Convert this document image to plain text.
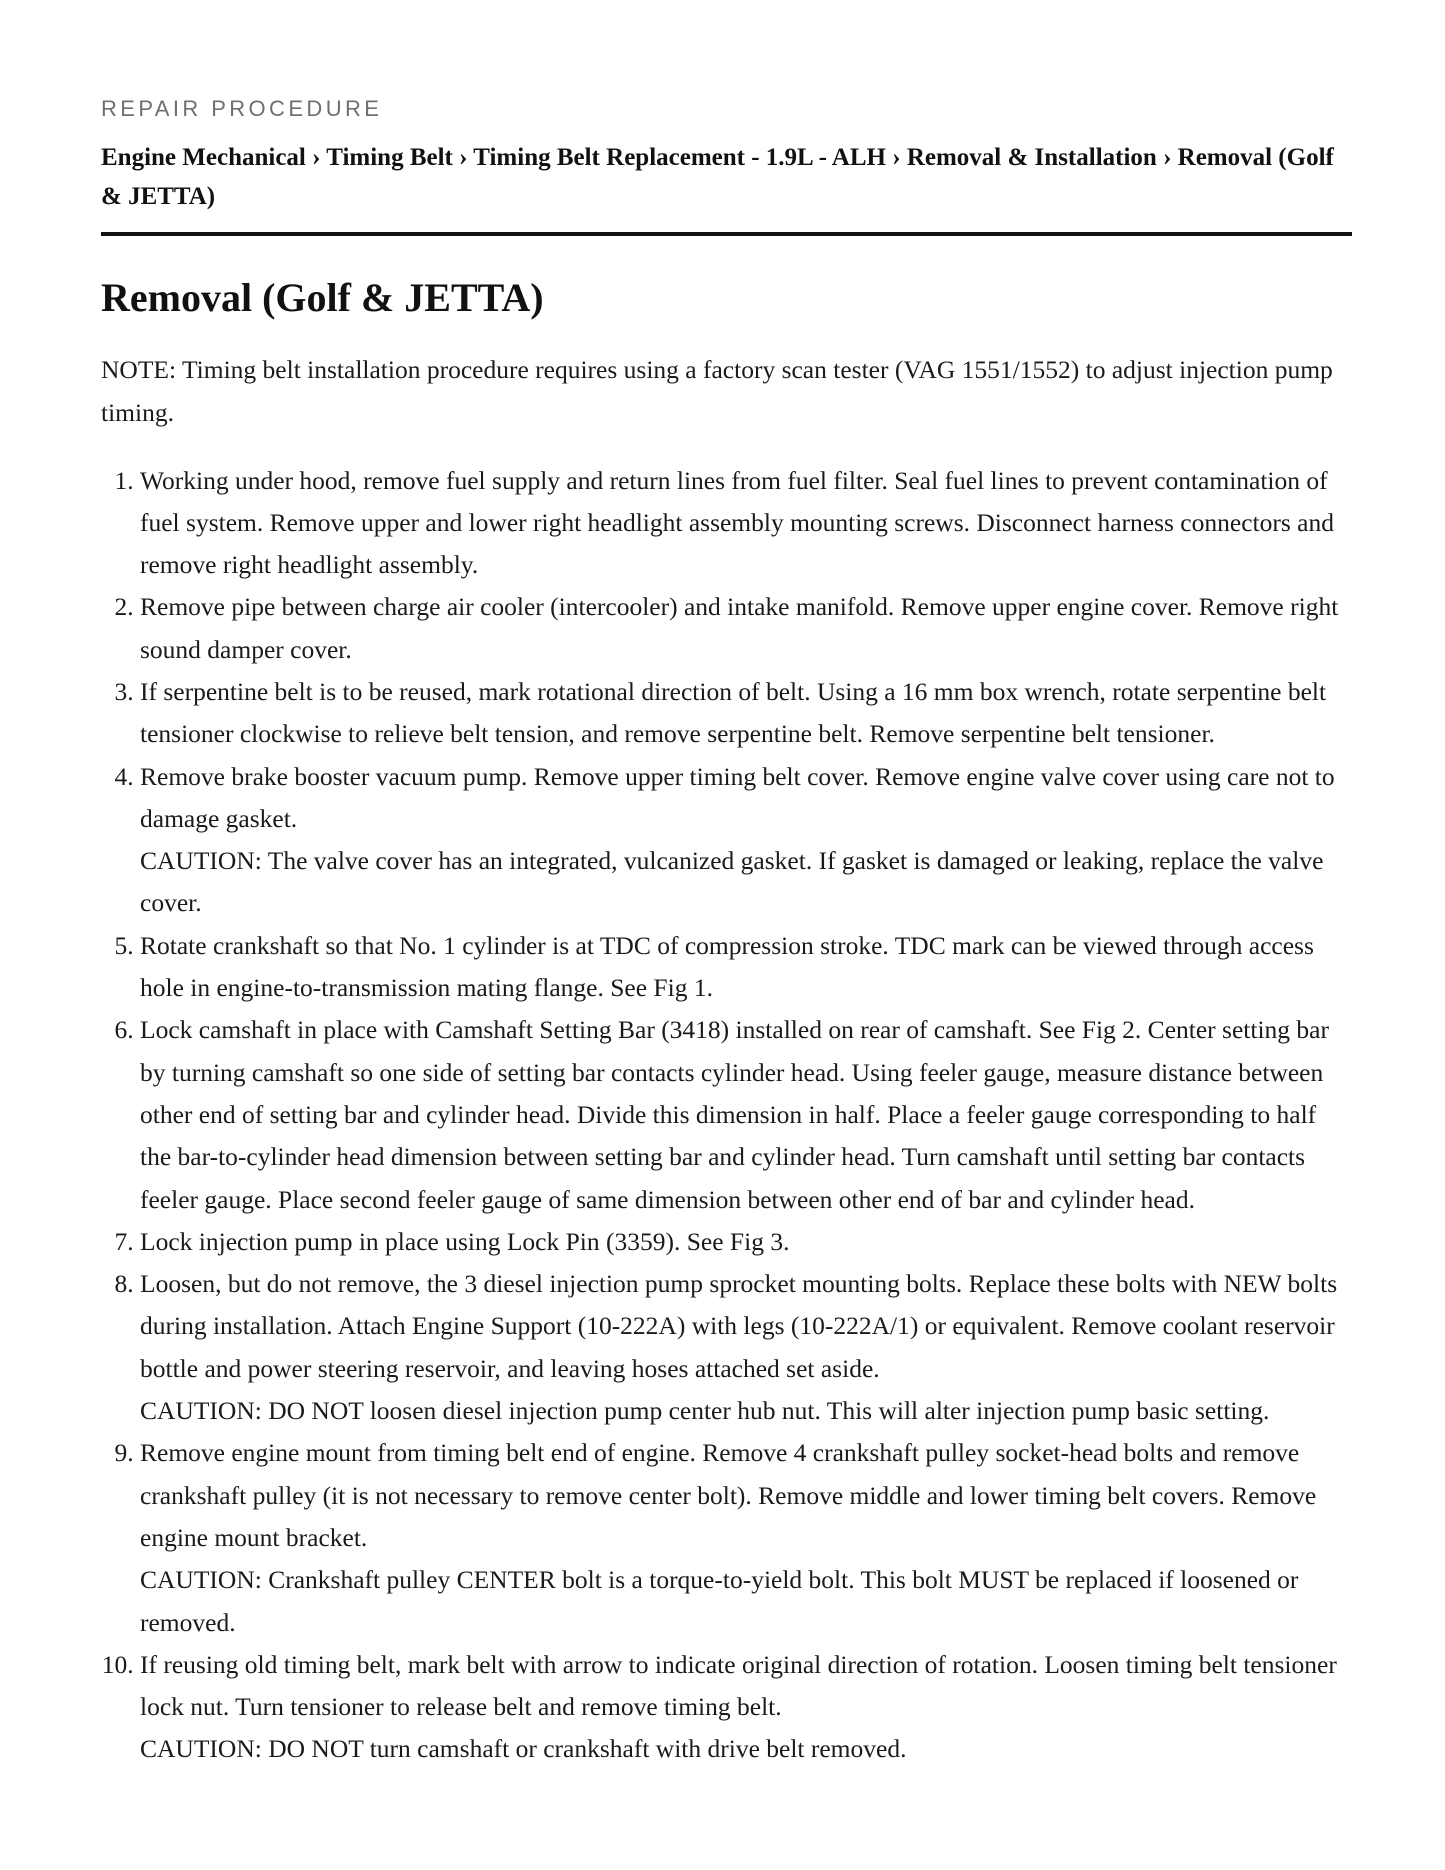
REPAIR PROCEDURE

Engine Mechanical › Timing Belt › Timing Belt Replacement - 1.9L - ALH › Removal & Installation › Removal (Golf & JETTA)
Removal (Golf & JETTA)

NOTE: Timing belt installation procedure requires using a factory scan tester (VAG 1551/1552) to adjust injection pump timing.

1. Working under hood, remove fuel supply and return lines from fuel filter. Seal fuel lines to prevent contamination of fuel system. Remove upper and lower right headlight assembly mounting screws. Disconnect harness connectors and remove right headlight assembly.
2. Remove pipe between charge air cooler (intercooler) and intake manifold. Remove upper engine cover. Remove right sound damper cover.
3. If serpentine belt is to be reused, mark rotational direction of belt. Using a 16 mm box wrench, rotate serpentine belt tensioner clockwise to relieve belt tension, and remove serpentine belt. Remove serpentine belt tensioner.
4. Remove brake booster vacuum pump. Remove upper timing belt cover. Remove engine valve cover using care not to damage gasket.
CAUTION: The valve cover has an integrated, vulcanized gasket. If gasket is damaged or leaking, replace the valve cover.
5. Rotate crankshaft so that No. 1 cylinder is at TDC of compression stroke. TDC mark can be viewed through access hole in engine-to-transmission mating flange. See Fig 1.
6. Lock camshaft in place with Camshaft Setting Bar (3418) installed on rear of camshaft. See Fig 2. Center setting bar by turning camshaft so one side of setting bar contacts cylinder head. Using feeler gauge, measure distance between other end of setting bar and cylinder head. Divide this dimension in half. Place a feeler gauge corresponding to half the bar-to-cylinder head dimension between setting bar and cylinder head. Turn camshaft until setting bar contacts feeler gauge. Place second feeler gauge of same dimension between other end of bar and cylinder head.
7. Lock injection pump in place using Lock Pin (3359). See Fig 3.
8. Loosen, but do not remove, the 3 diesel injection pump sprocket mounting bolts. Replace these bolts with NEW bolts during installation. Attach Engine Support (10-222A) with legs (10-222A/1) or equivalent. Remove coolant reservoir bottle and power steering reservoir, and leaving hoses attached set aside.
CAUTION: DO NOT loosen diesel injection pump center hub nut. This will alter injection pump basic setting.
9. Remove engine mount from timing belt end of engine. Remove 4 crankshaft pulley socket-head bolts and remove crankshaft pulley (it is not necessary to remove center bolt). Remove middle and lower timing belt covers. Remove engine mount bracket.
CAUTION: Crankshaft pulley CENTER bolt is a torque-to-yield bolt. This bolt MUST be replaced if loosened or removed.
10. If reusing old timing belt, mark belt with arrow to indicate original direction of rotation. Loosen timing belt tensioner lock nut. Turn tensioner to release belt and remove timing belt.
CAUTION: DO NOT turn camshaft or crankshaft with drive belt removed.
